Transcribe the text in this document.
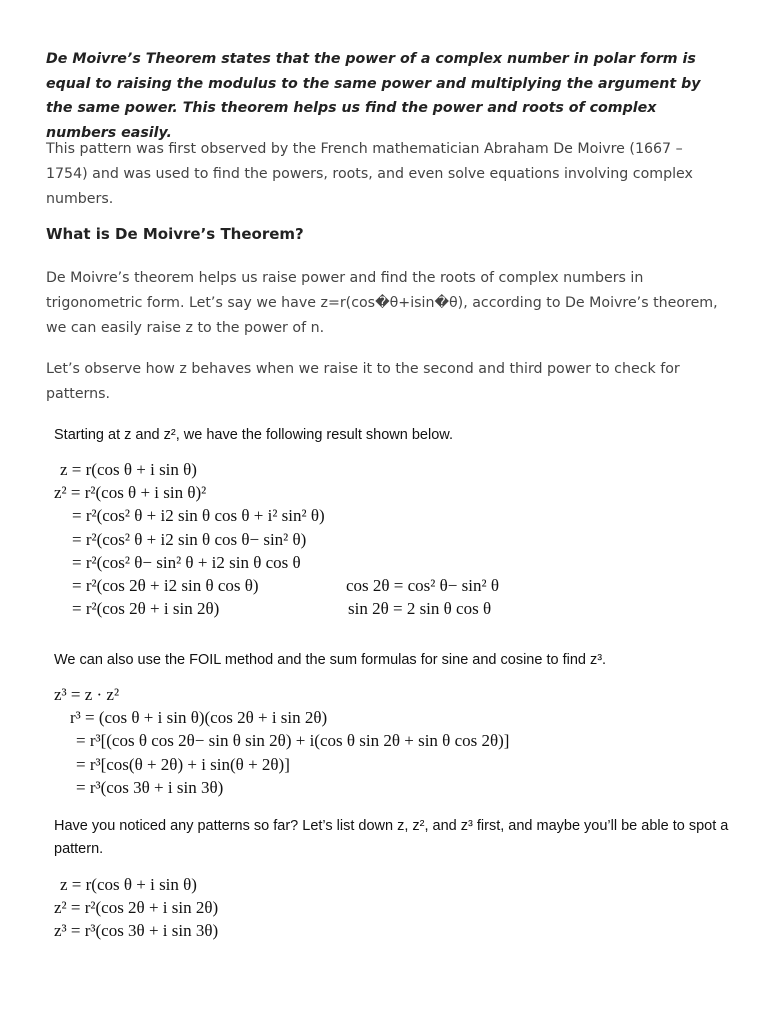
De Moivre’s Theorem states that the power of a complex number in polar form is equal to raising the modulus to the same power and multiplying the argument by the same power. This theorem helps us find the power and roots of complex numbers easily.

This pattern was first observed by the French mathematician Abraham De Moivre (1667 – 1754) and was used to find the powers, roots, and even solve equations involving complex numbers.

What is De Moivre’s Theorem?

De Moivre’s theorem helps us raise power and find the roots of complex numbers in trigonometric form. Let’s say we have z=r(cos�θ+isin�θ), according to De Moivre’s theorem, we can easily raise z to the power of n.

Let’s observe how z behaves when we raise it to the second and third power to check for patterns.

Starting at z and z², we have the following result shown below.

z = r(cos θ + i sin θ)
z² = r²(cos θ + i sin θ)²
= r²(cos² θ + i2 sin θ cos θ + i² sin² θ)
= r²(cos² θ + i2 sin θ cos θ− sin² θ)
= r²(cos² θ− sin² θ + i2 sin θ cos θ
= r²(cos 2θ + i2 sin θ cos θ)
= r²(cos 2θ + i sin 2θ)
cos 2θ = cos² θ− sin² θ
sin 2θ = 2 sin θ cos θ

We can also use the FOIL method and the sum formulas for sine and cosine to find z³.

z³ = z · z²
r³ = (cos θ + i sin θ)(cos 2θ + i sin 2θ)
= r³[(cos θ cos 2θ− sin θ sin 2θ) + i(cos θ sin 2θ + sin θ cos 2θ)]
= r³[cos(θ + 2θ) + i sin(θ + 2θ)]
= r³(cos 3θ + i sin 3θ)

Have you noticed any patterns so far? Let’s list down z, z², and z³ first, and maybe you’ll be able to spot a pattern.

z = r(cos θ + i sin θ)
z² = r²(cos 2θ + i sin 2θ)
z³ = r³(cos 3θ + i sin 3θ)
